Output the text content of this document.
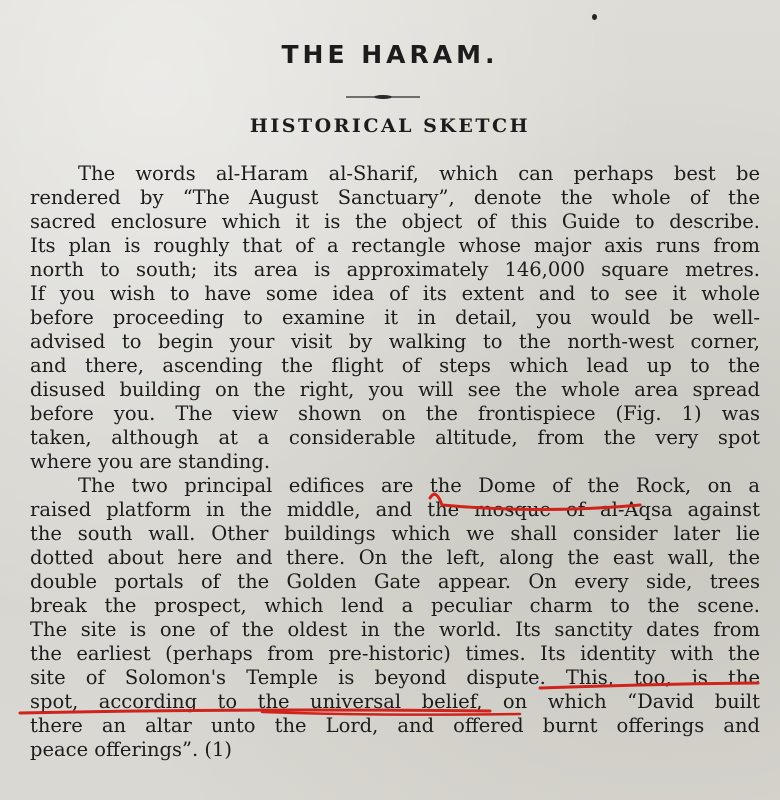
THE HARAM.
HISTORICAL SKETCH
The words al-Haram al-Sharif, which can perhaps best be
rendered by “The August Sanctuary”, denote the whole of the
sacred enclosure which it is the object of this Guide to describe.
Its plan is roughly that of a rectangle whose major axis runs from
north to south; its area is approximately 146,000 square metres.
If you wish to have some idea of its extent and to see it whole
before proceeding to examine it in detail, you would be well-
advised to begin your visit by walking to the north-west corner,
and there, ascending the flight of steps which lead up to the
disused building on the right, you will see the whole area spread
before you. The view shown on the frontispiece (Fig. 1) was
taken, although at a considerable altitude, from the very spot
where you are standing.
The two principal edifices are the Dome of the Rock, on a
raised platform in the middle, and the mosque of al-Aqsa against
the south wall. Other buildings which we shall consider later lie
dotted about here and there. On the left, along the east wall, the
double portals of the Golden Gate appear. On every side, trees
break the prospect, which lend a peculiar charm to the scene.
The site is one of the oldest in the world. Its sanctity dates from
the earliest (perhaps from pre-historic) times. Its identity with the
site of Solomon's Temple is beyond dispute. This, too, is the
spot, according to the universal belief, on which “David built
there an altar unto the Lord, and offered burnt offerings and
peace offerings”. (1)
